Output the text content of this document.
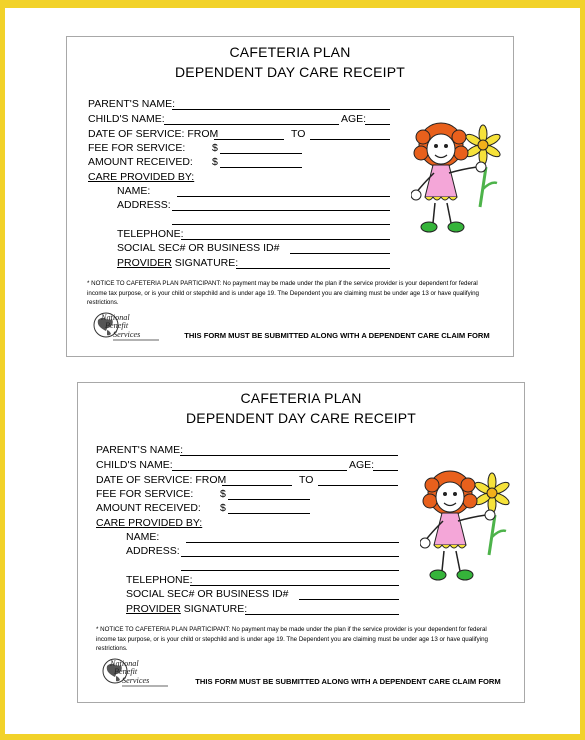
CAFETERIA PLAN
DEPENDENT DAY CARE RECEIPT
PARENT'S NAME:
CHILD'S NAME:	AGE:
DATE OF SERVICE: FROM	TO
FEE FOR SERVICE:	$
AMOUNT RECEIVED: $
CARE PROVIDED BY:
NAME:
ADDRESS:
TELEPHONE:
SOCIAL SEC# OR BUSINESS ID#
PROVIDER SIGNATURE:
* NOTICE TO CAFETERIA PLAN PARTICIPANT: No payment may be made under the plan if the service provider is your dependent for federal income tax purpose, or is your child or stepchild and is under age 19. The Dependent you are claiming must be under age 13 or have qualifying restrictions.
National
Benefit
Services	THIS FORM MUST BE SUBMITTED ALONG WITH A DEPENDENT CARE CLAIM FORM
CAFETERIA PLAN
DEPENDENT DAY CARE RECEIPT
PARENT'S NAME:
CHILD'S NAME:	AGE:
DATE OF SERVICE: FROM	TO
FEE FOR SERVICE:	$
AMOUNT RECEIVED: $
CARE PROVIDED BY:
NAME:
ADDRESS:
TELEPHONE:
SOCIAL SEC# OR BUSINESS ID#
PROVIDER SIGNATURE:
* NOTICE TO CAFETERIA PLAN PARTICIPANT: No payment may be made under the plan if the service provider is your dependent for federal income tax purpose, or is your child or stepchild and is under age 19. The Dependent you are claiming must be under age 13 or have qualifying restrictions.
National
Benefit
Services	THIS FORM MUST BE SUBMITTED ALONG WITH A DEPENDENT CARE CLAIM FORM
